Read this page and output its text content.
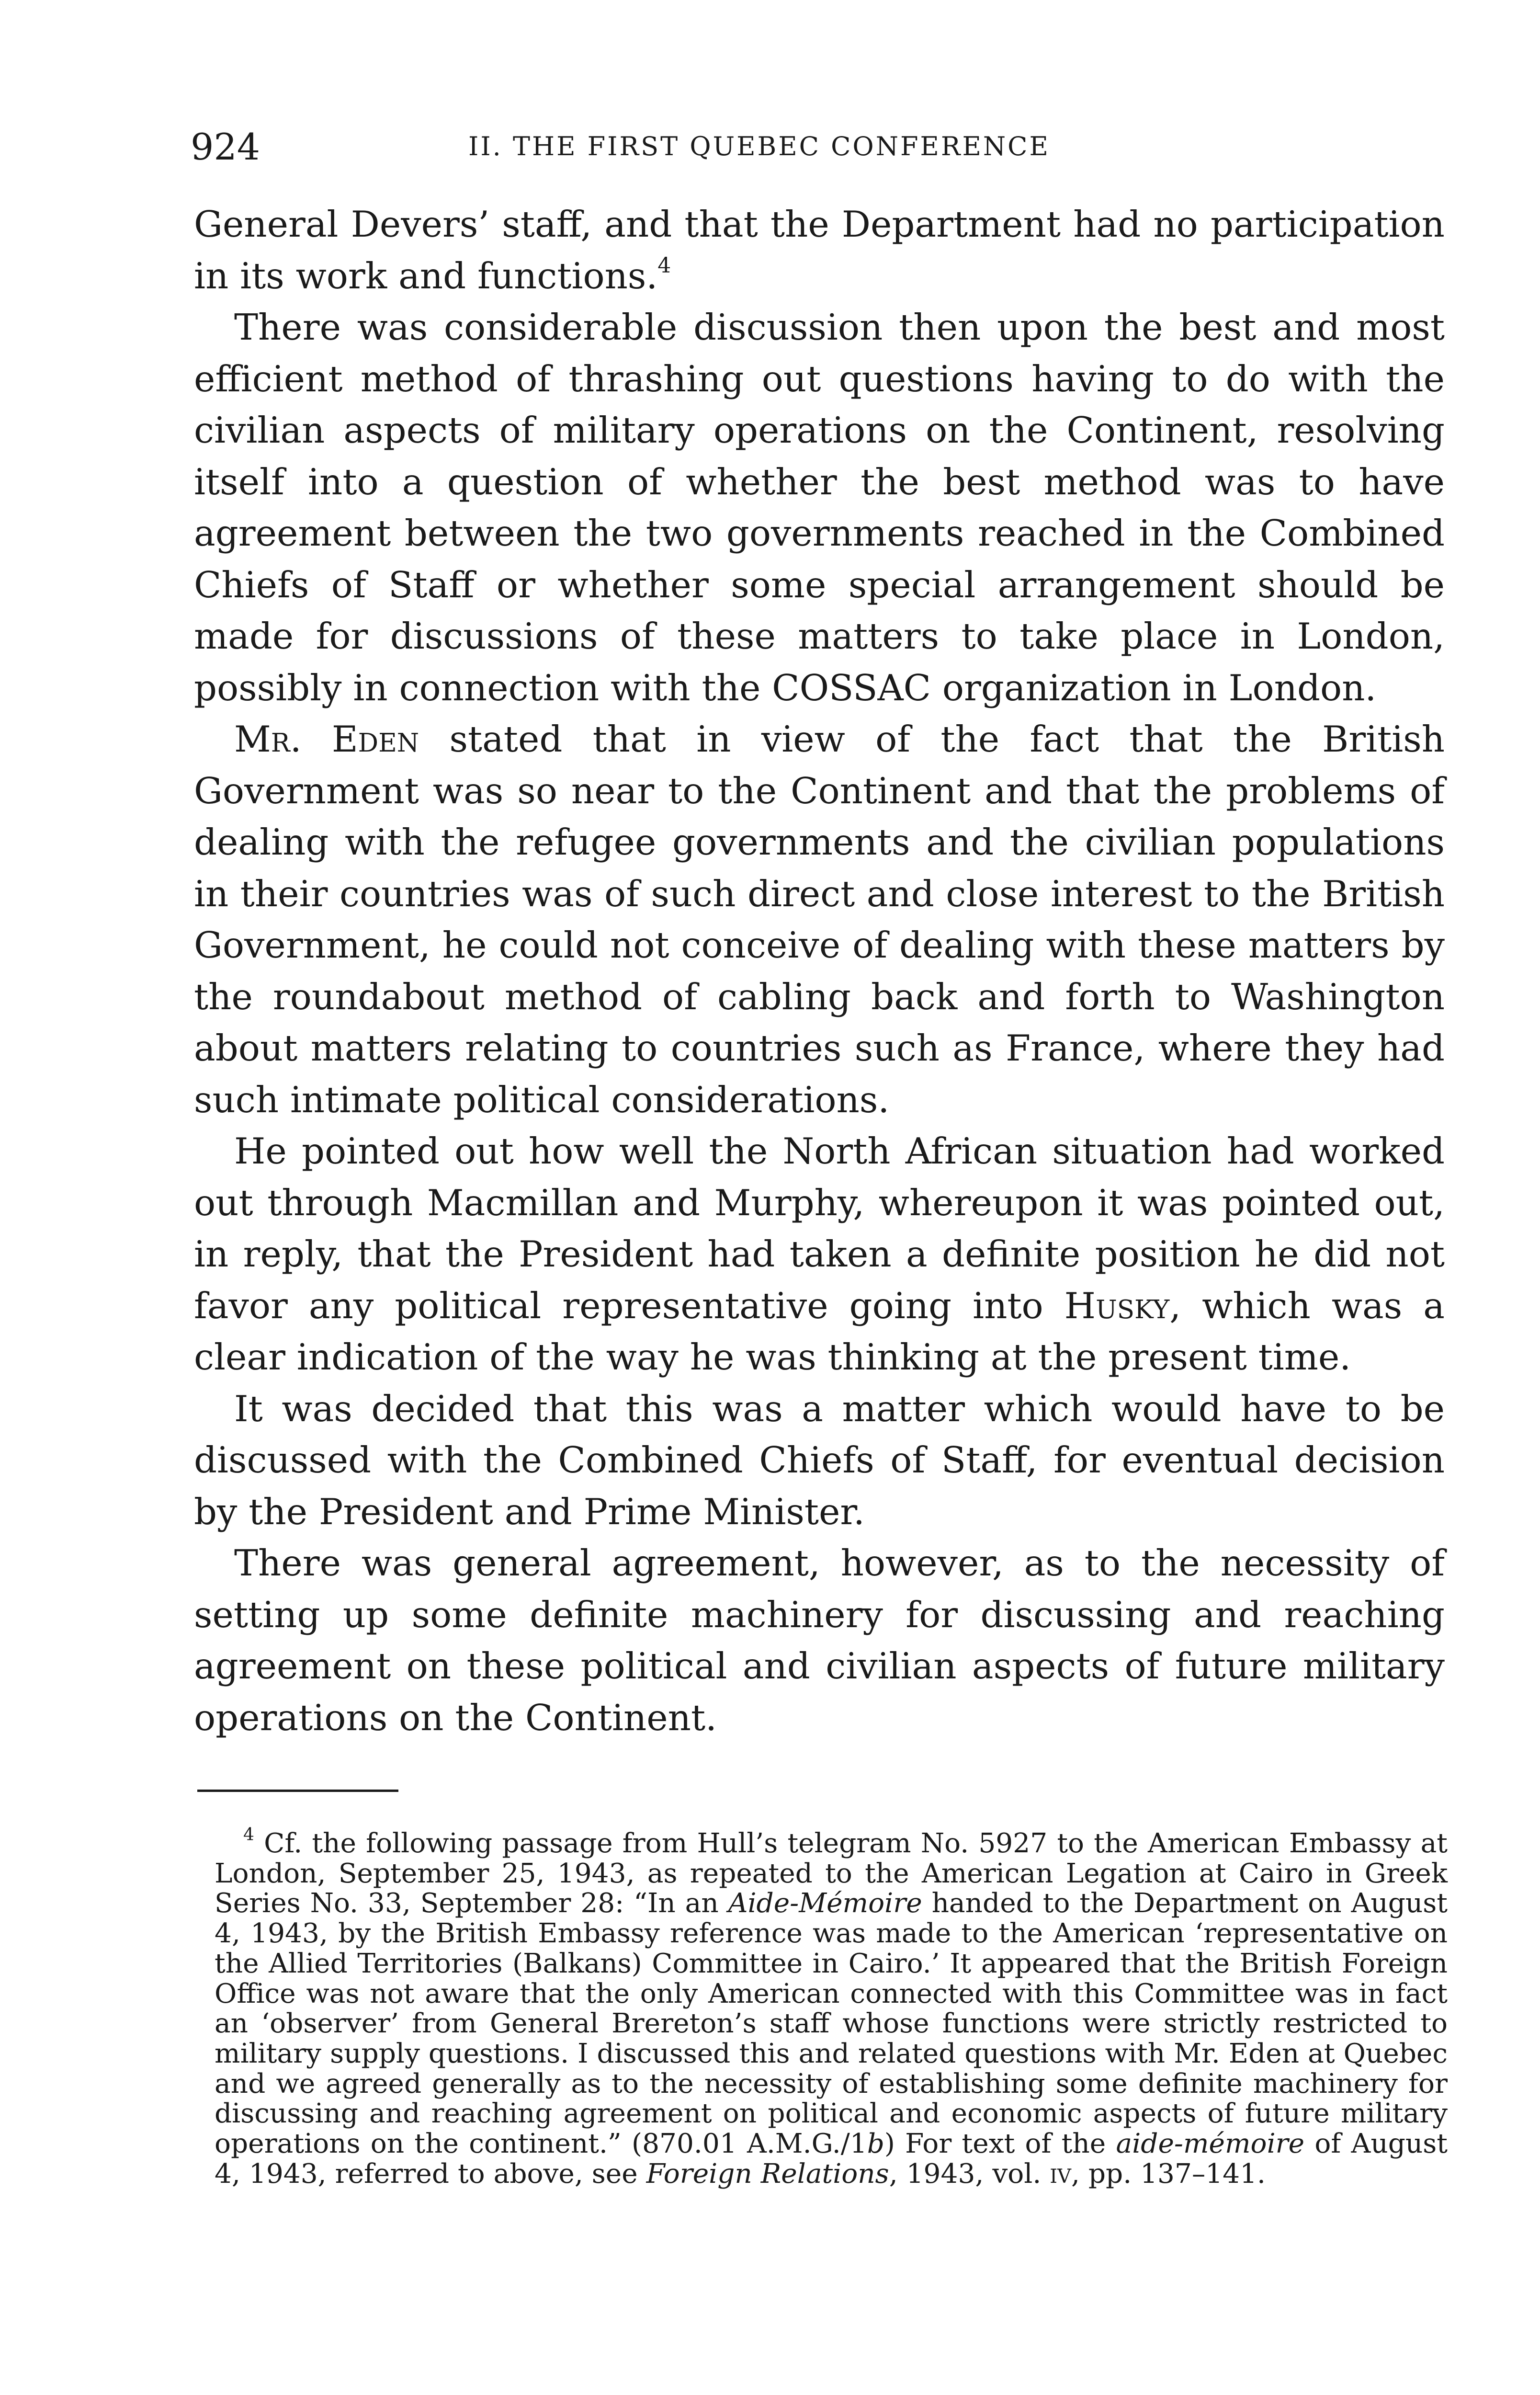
924	II. THE FIRST QUEBEC CONFERENCE

General Devers’ staff, and that the Department had no participation in its work and functions.$^4$

There was considerable discussion then upon the best and most efficient method of thrashing out questions having to do with the civilian aspects of military operations on the Continent, resolving itself into a question of whether the best method was to have agreement between the two governments reached in the Combined Chiefs of Staff or whether some special arrangement should be made for discussions of these matters to take place in London, possibly in connection with the COSSAC organization in London.

Mr. Eden stated that in view of the fact that the British Government was so near to the Continent and that the problems of dealing with the refugee governments and the civilian populations in their countries was of such direct and close interest to the British Government, he could not conceive of dealing with these matters by the roundabout method of cabling back and forth to Washington about matters relating to countries such as France, where they had such intimate political considerations.

He pointed out how well the North African situation had worked out through Macmillan and Murphy, whereupon it was pointed out, in reply, that the President had taken a definite position he did not favor any political representative going into Husky, which was a clear indication of the way he was thinking at the present time.

It was decided that this was a matter which would have to be discussed with the Combined Chiefs of Staff, for eventual decision by the President and Prime Minister.

There was general agreement, however, as to the necessity of setting up some definite machinery for discussing and reaching agreement on these political and civilian aspects of future military operations on the Continent.

$^4$ Cf. the following passage from Hull’s telegram No. 5927 to the American Embassy at London, September 25, 1943, as repeated to the American Legation at Cairo in Greek Series No. 33, September 28: “In an Aide-Mémoire handed to the Department on August 4, 1943, by the British Embassy reference was made to the American ‘representative on the Allied Territories (Balkans) Committee in Cairo.’ It appeared that the British Foreign Office was not aware that the only American connected with this Committee was in fact an ‘observer’ from General Brereton’s staff whose functions were strictly restricted to military supply questions. I discussed this and related questions with Mr. Eden at Quebec and we agreed generally as to the necessity of establishing some definite machinery for discussing and reaching agreement on political and economic aspects of future military operations on the continent.” (870.01 A.M.G./1b) For text of the aide-mémoire of August 4, 1943, referred to above, see Foreign Relations, 1943, vol. iv, pp. 137–141.
